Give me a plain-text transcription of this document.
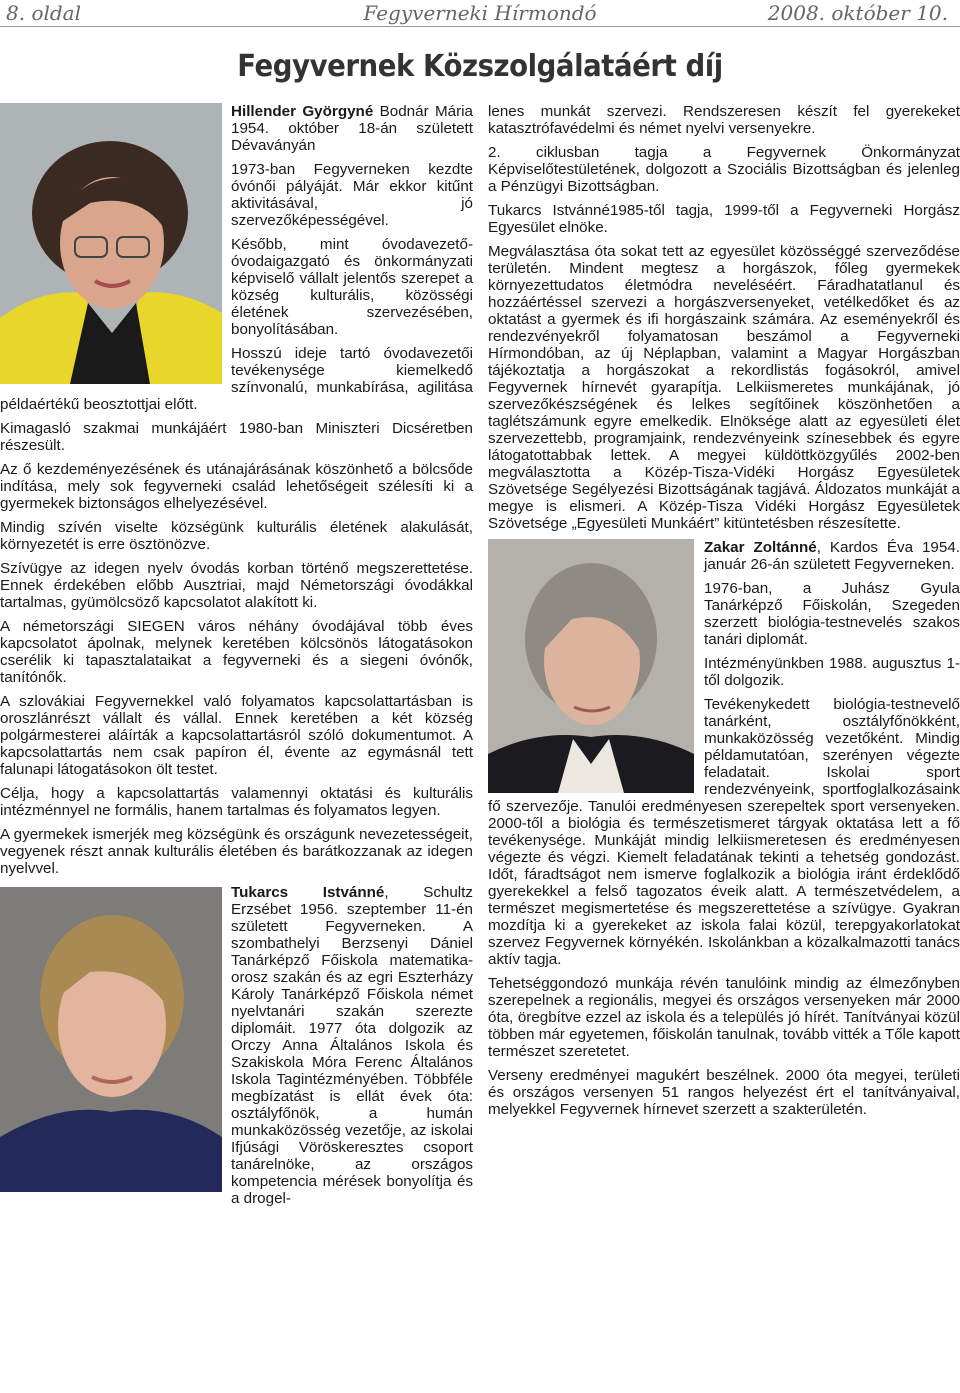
8. oldal	Fegyverneki Hírmondó	2008. október 10.
Fegyvernek Közszolgálatáért díj

Hillender Györgyné Bodnár Mária 1954. október 18-án született Dévaványán

1973-ban Fegyverneken kezdte óvónői pályáját. Már ekkor kitűnt aktivitásával, jó szervezőképességével.

Később, mint óvodavezető-óvodaigazgató és önkormányzati képviselő vállalt jelentős szerepet a község kulturális, közösségi életének szervezésében, bonyolításában.

Hosszú ideje tartó óvodavezetői tevékenysége kiemelkedő színvonalú, munkabírása, agilitása példaértékű beosztottjai előtt.

Kimagasló szakmai munkájáért 1980-ban Miniszteri Dicséretben részesült.

Az ő kezdeményezésének és utánajárásának köszönhető a bölcsőde indítása, mely sok fegyverneki család lehetőségeit szélesíti ki a gyermekek biztonságos elhelyezésével.

Mindig szívén viselte községünk kulturális életének alakulását, környezetét is erre ösztönözve.

Szívügye az idegen nyelv óvodás korban történő megszerettetése. Ennek érdekében előbb Ausztriai, majd Németországi óvodákkal tartalmas, gyümölcsöző kapcsolatot alakított ki.

A németországi SIEGEN város néhány óvodájával több éves kapcsolatot ápolnak, melynek keretében kölcsönös látogatásokon cserélik ki tapasztalataikat a fegyverneki és a siegeni óvónők, tanítónők.

A szlovákiai Fegyvernekkel való folyamatos kapcsolattartásban is oroszlánrészt vállalt és vállal. Ennek keretében a két község polgármesterei aláírták a kapcsolattartásról szóló dokumentumot. A kapcsolattartás nem csak papíron él, évente az egymásnál tett falunapi látogatásokon ölt testet.

Célja, hogy a kapcsolattartás valamennyi oktatási és kulturális intézménnyel ne formális, hanem tartalmas és folyamatos legyen.

A gyermekek ismerjék meg községünk és országunk nevezetességeit, vegyenek részt annak kulturális életében és barátkozzanak az idegen nyelvvel.

Tukarcs Istvánné, Schultz Erzsébet 1956. szeptember 11-én született Fegyverneken. A szombathelyi Berzsenyi Dániel Tanárképző Főiskola matematika-orosz szakán és az egri Eszterházy Károly Tanárképző Főiskola német nyelvtanári szakán szerezte diplomáit. 1977 óta dolgozik az Orczy Anna Általános Iskola és Szakiskola Móra Ferenc Általános Iskola Tagintézményében. Többféle megbízatást is ellát évek óta: osztályfőnök, a humán munkaközösség vezetője, az iskolai Ifjúsági Vöröskeresztes csoport tanárelnöke, az országos kompetencia mérések bonyolítja és a drogel-

lenes munkát szervezi. Rendszeresen készít fel gyerekeket katasztrófavédelmi és német nyelvi versenyekre.

2. ciklusban tagja a Fegyvernek Önkormányzat Képviselőtestületének, dolgozott a Szociális Bizottságban és jelenleg a Pénzügyi Bizottságban.

Tukarcs Istvánné1985-től tagja, 1999-től a Fegyverneki Horgász Egyesület elnöke.

Megválasztása óta sokat tett az egyesület közösséggé szerveződése területén. Mindent megtesz a horgászok, főleg gyermekek környezettudatos életmódra neveléséért. Fáradhatatlanul és hozzáértéssel szervezi a horgászversenyeket, vetélkedőket és az oktatást a gyermek és ifi horgászaink számára. Az eseményekről és rendezvényekről folyamatosan beszámol a Fegyverneki Hírmondóban, az új Néplapban, valamint a Magyar Horgászban tájékoztatja a horgászokat a rekordlistás fogásokról, amivel Fegyvernek hírnevét gyarapítja. Lelkiismeretes munkájának, jó szervezőkészségének és lelkes segítőinek köszönhetően a taglétszámunk egyre emelkedik. Elnöksége alatt az egyesületi élet szervezettebb, programjaink, rendezvényeink színesebbek és egyre látogatottabbak lettek. A megyei küldöttközgyűlés 2002-ben megválasztotta a Közép-Tisza-Vidéki Horgász Egyesületek Szövetsége Segélyezési Bizottságának tagjává. Áldozatos munkáját a megye is elismeri. A Közép-Tisza Vidéki Horgász Egyesületek Szövetsége „Egyesületi Munkáért” kitüntetésben részesítette.

Zakar Zoltánné, Kardos Éva 1954. január 26-án született Fegyverneken.

1976-ban, a Juhász Gyula Tanárképző Főiskolán, Szegeden szerzett biológia-testnevelés szakos tanári diplomát.

Intézményünkben 1988. augusztus 1-től dolgozik.

Tevékenykedett biológia-testnevelő tanárként, osztályfőnökként, munkaközösség vezetőként. Mindig példamutatóan, szerényen végezte feladatait. Iskolai sport rendezvényeink, sportfoglalkozásaink fő szervezője. Tanulói eredményesen szerepeltek sport versenyeken. 2000-től a biológia és természetismeret tárgyak oktatása lett a fő tevékenysége. Munkáját mindig lelkiismeretesen és eredményesen végezte és végzi. Kiemelt feladatának tekinti a tehetség gondozást. Időt, fáradtságot nem ismerve foglalkozik a biológia iránt érdeklődő gyerekekkel a felső tagozatos éveik alatt. A természetvédelem, a természet megismertetése és megszerettetése a szívügye. Gyakran mozdítja ki a gyerekeket az iskola falai közül, terepgyakorlatokat szervez Fegyvernek környékén. Iskolánkban a közalkalmazotti tanács aktív tagja.

Tehetséggondozó munkája révén tanulóink mindig az élmezőnyben szerepelnek a regionális, megyei és országos versenyeken már 2000 óta, öregbítve ezzel az iskola és a település jó hírét. Tanítványai közül többen már egyetemen, főiskolán tanulnak, tovább vitték a Tőle kapott természet szeretetet.

Verseny eredményei magukért beszélnek. 2000 óta megyei, területi és országos versenyen 51 rangos helyezést ért el tanítványaival, melyekkel Fegyvernek hírnevet szerzett a szakterületén.
